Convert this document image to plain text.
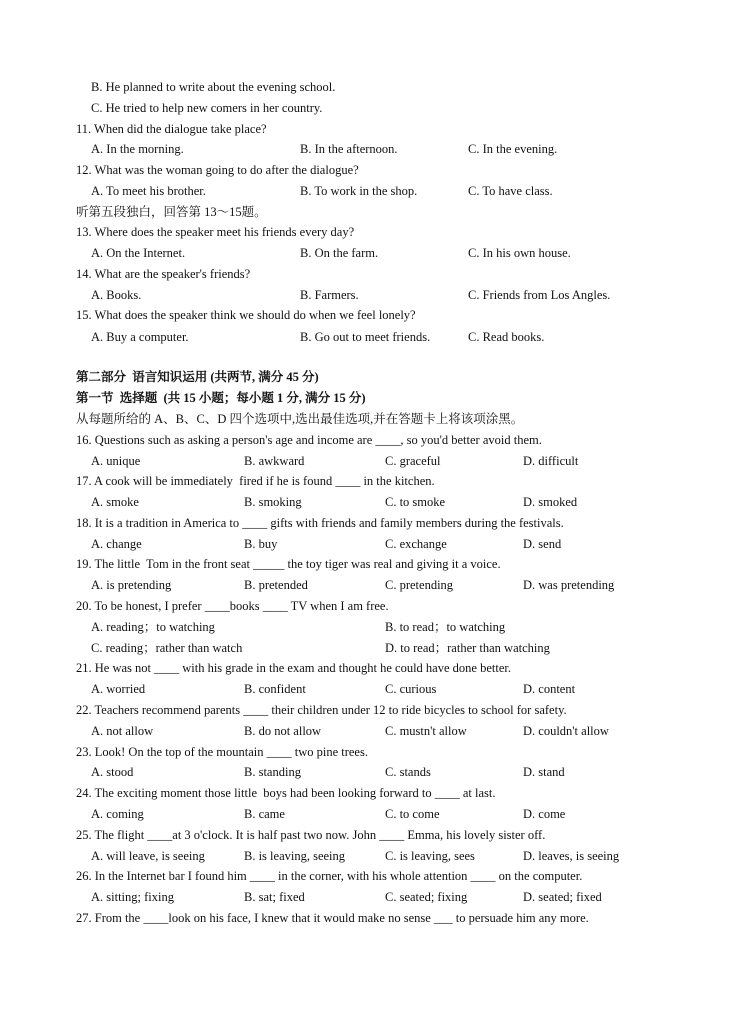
B. He planned to write about the evening school.
C. He tried to help new comers in her country.
11. When did the dialogue take place?
A. In the morning.	B. In the afternoon.	C. In the evening.
12. What was the woman going to do after the dialogue?
A. To meet his brother.	B. To work in the shop.	C. To have class.
听第五段独白，回答第 13～15题。
13. Where does the speaker meet his friends every day?
A. On the Internet.	B. On the farm.	C. In his own house.
14. What are the speaker's friends?
A. Books.	B. Farmers.	C. Friends from Los Angles.
15. What does the speaker think we should do when we feel lonely?
A. Buy a computer.	B. Go out to meet friends.	C. Read books.
第二部分  语言知识运用 (共两节, 满分 45 分)
第一节  选择题  (共 15 小题；每小题 1 分, 满分 15 分)
从每题所给的 A、B、C、D 四个选项中,选出最佳选项,并在答题卡上将该项涂黑。
16. Questions such as asking a person's age and income are ____, so you'd better avoid them.
A. unique	B. awkward	C. graceful	D. difficult
17. A cook will be immediately  fired if he is found ____ in the kitchen.
A. smoke	B. smoking	C. to smoke	D. smoked
18. It is a tradition in America to ____ gifts with friends and family members during the festivals.
A. change	B. buy	C. exchange	D. send
19. The little  Tom in the front seat _____ the toy tiger was real and giving it a voice.
A. is pretending	B. pretended	C. pretending	D. was pretending
20. To be honest, I prefer ____books ____ TV when I am free.
A. reading；to watching	B. to read；to watching
C. reading；rather than watch	D. to read；rather than watching
21. He was not ____ with his grade in the exam and thought he could have done better.
A. worried	B. confident	C. curious	D. content
22. Teachers recommend parents ____ their children under 12 to ride bicycles to school for safety.
A. not allow	B. do not allow	C. mustn't allow	D. couldn't allow
23. Look! On the top of the mountain ____ two pine trees.
A. stood	B. standing	C. stands	D. stand
24. The exciting moment those little  boys had been looking forward to ____ at last.
A. coming	B. came	C. to come	D. come
25. The flight ____at 3 o'clock. It is half past two now. John ____ Emma, his lovely sister off.
A. will leave, is seeing	B. is leaving, seeing	C. is leaving, sees	D. leaves, is seeing
26. In the Internet bar I found him ____ in the corner, with his whole attention ____ on the computer.
A. sitting; fixing	B. sat; fixed	C. seated; fixing	D. seated; fixed
27. From the ____look on his face, I knew that it would make no sense ___ to persuade him any more.
